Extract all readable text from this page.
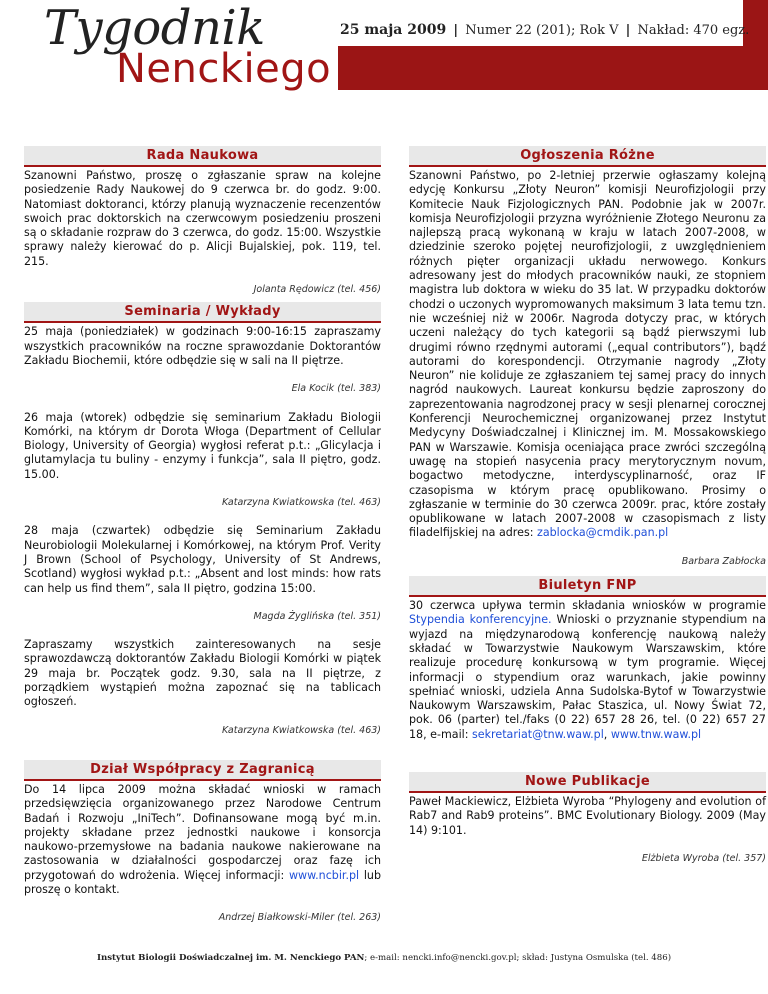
Tygodnik
Nenckiego
25 maja 2009 | Numer 22 (201); Rok V | Nakład: 470 egz.
Rada Naukowa
Szanowni Państwo, proszę o zgłaszanie spraw na kolejne posiedzenie Rady Naukowej do 9 czerwca br. do godz. 9:00. Natomiast doktoranci, którzy planują wyznaczenie recenzentów swoich prac doktorskich na czerwcowym posiedzeniu proszeni są o składanie rozpraw do 3 czerwca, do godz. 15:00. Wszystkie sprawy należy kierować do p. Alicji Bujalskiej, pok. 119, tel. 215.
Jolanta Rędowicz (tel. 456)
Seminaria / Wykłady
25 maja (poniedziałek) w godzinach 9:00-16:15 zapraszamy wszystkich pracowników na roczne sprawozdanie Doktorantów Zakładu Biochemii, które odbędzie się w sali na II piętrze.
Ela Kocik (tel. 383)
26 maja (wtorek) odbędzie się seminarium Zakładu Biologii Komórki, na którym dr Dorota Włoga (Department of Cellular Biology, University of Georgia) wygłosi referat p.t.: „Glicylacja i glutamylacja tu buliny - enzymy i funkcja”, sala II piętro, godz. 15.00.
Katarzyna Kwiatkowska (tel. 463)
28 maja (czwartek) odbędzie się Seminarium Zakładu Neurobiologii Molekularnej i Komórkowej, na którym Prof. Verity J Brown (School of Psychology, University of St Andrews, Scotland) wygłosi wykład p.t.: „Absent and lost minds: how rats can help us find them”, sala II piętro, godzina 15:00.
Magda Żyglińska (tel. 351)
Zapraszamy wszystkich zainteresowanych na sesje sprawozdawczą doktorantów Zakładu Biologii Komórki w piątek 29 maja br. Początek godz. 9.30, sala na II piętrze, z porządkiem wystąpień można zapoznać się na tablicach ogłoszeń.
Katarzyna Kwiatkowska (tel. 463)
Dział Współpracy z Zagranicą
Do 14 lipca 2009 można składać wnioski w ramach przedsięwzięcia organizowanego przez Narodowe Centrum Badań i Rozwoju „IniTech”. Dofinansowane mogą być m.in. projekty składane przez jednostki naukowe i konsorcja naukowo-przemysłowe na badania naukowe nakierowane na zastosowania w działalności gospodarczej oraz fazę ich przygotowań do wdrożenia. Więcej informacji: www.ncbir.pl lub proszę o kontakt.
Andrzej Białkowski-Miler (tel. 263)
Ogłoszenia Różne
Szanowni Państwo, po 2-letniej przerwie ogłaszamy kolejną edycję Konkursu „Złoty Neuron” komisji Neurofizjologii przy Komitecie Nauk Fizjologicznych PAN. Podobnie jak w 2007r. komisja Neurofizjologii przyzna wyróżnienie Złotego Neuronu za najlepszą pracą wykonaną w kraju w latach 2007-2008, w dziedzinie szeroko pojętej neurofizjologii, z uwzględnieniem różnych pięter organizacji układu nerwowego. Konkurs adresowany jest do młodych pracowników nauki, ze stopniem magistra lub doktora w wieku do 35 lat. W przypadku doktorów chodzi o uczonych wypromowanych maksimum 3 lata temu tzn. nie wcześniej niż w 2006r. Nagroda dotyczy prac, w których uczeni należący do tych kategorii są bądź pierwszymi lub drugimi równo rzędnymi autorami („equal contributors”), bądź autorami do korespondencji. Otrzymanie nagrody „Złoty Neuron” nie koliduje ze zgłaszaniem tej samej pracy do innych nagród naukowych. Laureat konkursu będzie zaproszony do zaprezentowania nagrodzonej pracy w sesji plenarnej corocznej Konferencji Neurochemicznej organizowanej przez Instytut Medycyny Doświadczalnej i Klinicznej im. M. Mossakowskiego PAN w Warszawie. Komisja oceniająca prace zwróci szczególną uwagę na stopień nasycenia pracy merytorycznym novum, bogactwo metodyczne, interdyscyplinarność, oraz IF czasopisma w którym pracę opublikowano. Prosimy o zgłaszanie w terminie do 30 czerwca 2009r. prac, które zostały opublikowane w latach 2007-2008 w czasopismach z listy filadelfijskiej na adres: zablocka@cmdik.pan.pl
Barbara Zabłocka
Biuletyn FNP
30 czerwca upływa termin składania wniosków w programie Stypendia konferencyjne. Wnioski o przyznanie stypendium na wyjazd na międzynarodową konferencję naukową należy składać w Towarzystwie Naukowym Warszawskim, które realizuje procedurę konkursową w tym programie. Więcej informacji o stypendium oraz warunkach, jakie powinny spełniać wnioski, udziela Anna Sudolska-Bytof w Towarzystwie Naukowym Warszawskim, Pałac Staszica, ul. Nowy Świat 72, pok. 06 (parter) tel./faks (0 22) 657 28 26, tel. (0 22) 657 27 18, e-mail: sekretariat@tnw.waw.pl, www.tnw.waw.pl
Nowe Publikacje
Paweł Mackiewicz, Elżbieta Wyroba “Phylogeny and evolution of Rab7 and Rab9 proteins”. BMC Evolutionary Biology. 2009 (May 14) 9:101.
Elżbieta Wyroba (tel. 357)
Instytut Biologii Doświadczalnej im. M. Nenckiego PAN; e-mail: nencki.info@nencki.gov.pl; skład: Justyna Osmulska (tel. 486)
